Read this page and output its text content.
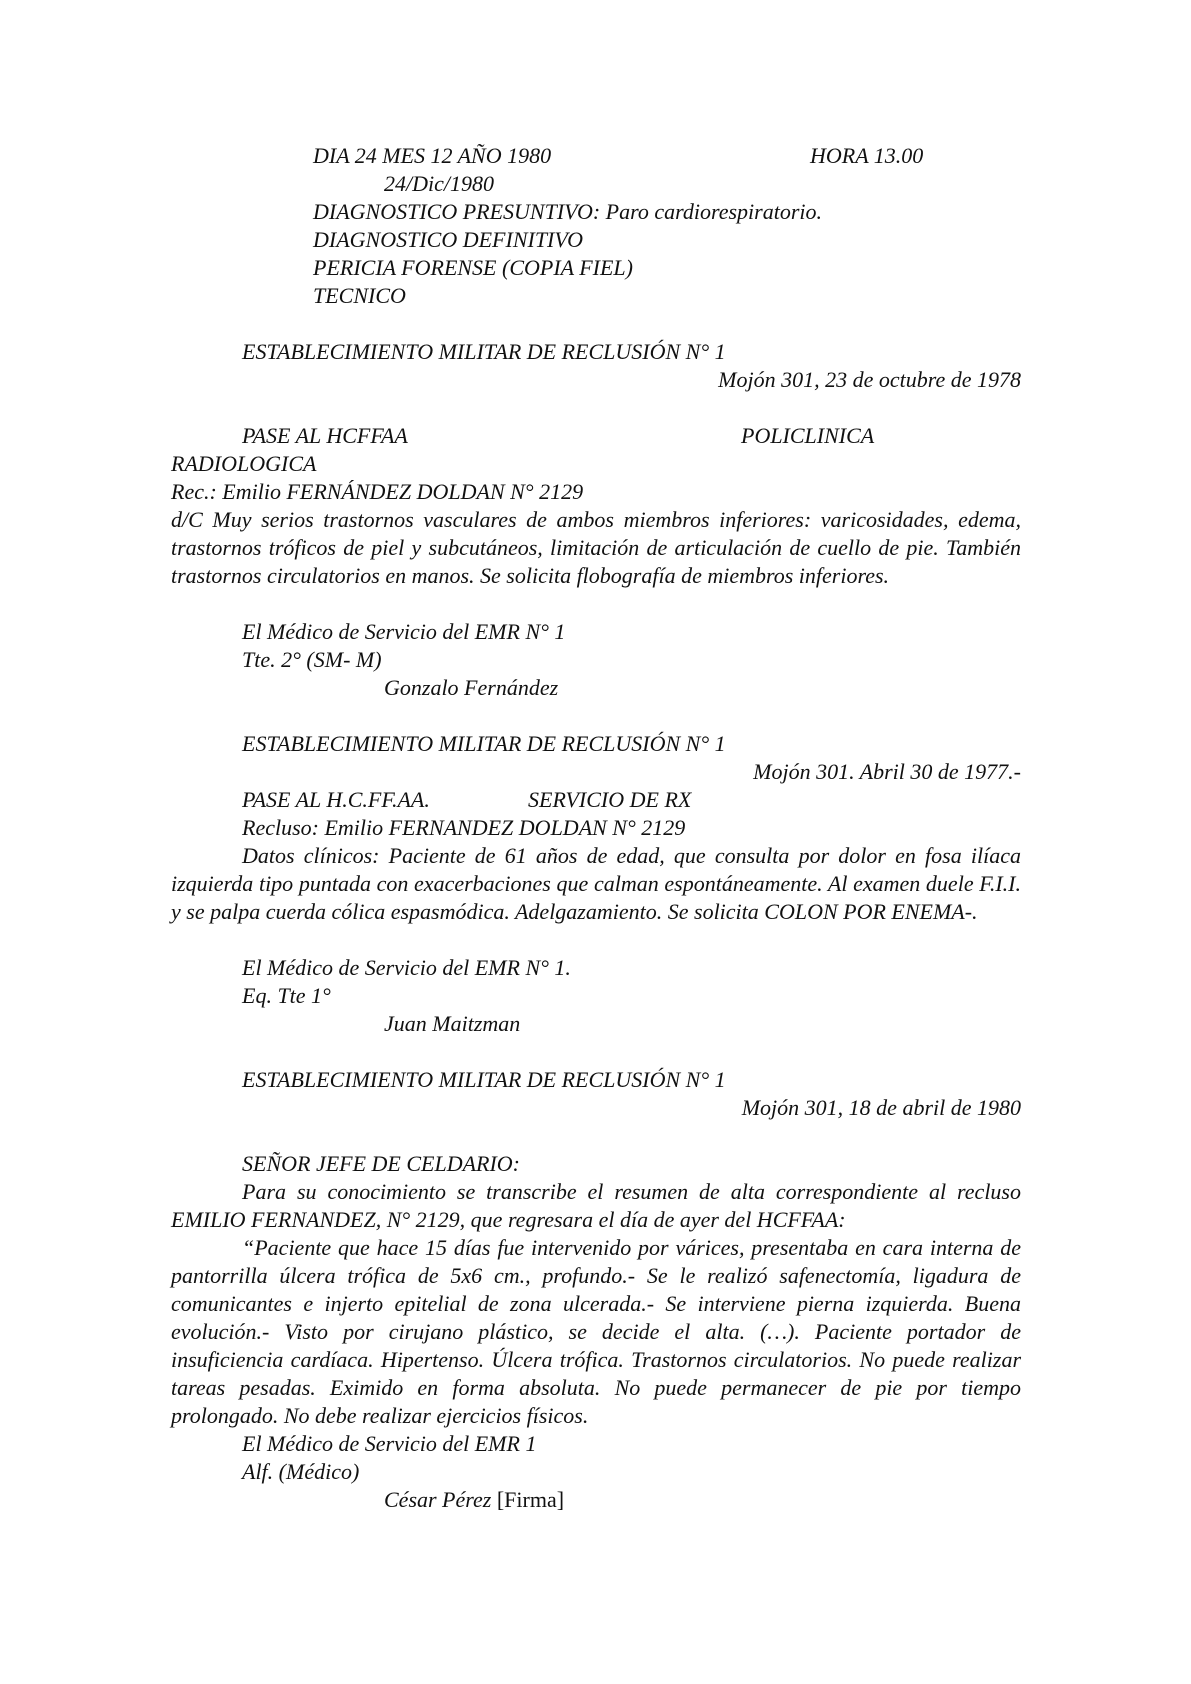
DIA 24 MES 12 AÑO 1980	HORA 13.00
24/Dic/1980
DIAGNOSTICO PRESUNTIVO: Paro cardiorespiratorio.
DIAGNOSTICO DEFINITIVO
PERICIA FORENSE (COPIA FIEL)
TECNICO
ESTABLECIMIENTO MILITAR DE RECLUSIÓN N° 1
Mojón 301, 23 de octubre de 1978
PASE AL HCFFAA	POLICLINICA
RADIOLOGICA
Rec.: Emilio FERNÁNDEZ DOLDAN N° 2129
d/C Muy serios trastornos vasculares de ambos miembros inferiores: varicosidades, edema, trastornos tróficos de piel y subcutáneos, limitación de articulación de cuello de pie. También trastornos circulatorios en manos. Se solicita flobografía de miembros inferiores.
El Médico de Servicio del EMR N° 1
Tte. 2° (SM- M)
Gonzalo Fernández
ESTABLECIMIENTO MILITAR DE RECLUSIÓN N° 1
Mojón 301. Abril 30 de 1977.-
PASE AL H.C.FF.AA.	SERVICIO DE RX
Recluso: Emilio FERNANDEZ DOLDAN N° 2129
Datos clínicos: Paciente de 61 años de edad, que consulta por dolor en fosa ilíaca izquierda tipo puntada con exacerbaciones que calman espontáneamente. Al examen duele F.I.I. y se palpa cuerda cólica espasmódica. Adelgazamiento. Se solicita COLON POR ENEMA-.
El Médico de Servicio del EMR N° 1.
Eq. Tte 1°
Juan Maitzman
ESTABLECIMIENTO MILITAR DE RECLUSIÓN N° 1
Mojón 301, 18 de abril de 1980
SEÑOR JEFE DE CELDARIO:
Para su conocimiento se transcribe el resumen de alta correspondiente al recluso EMILIO FERNANDEZ, N° 2129, que regresara el día de ayer del HCFFAA:
“Paciente que hace 15 días fue intervenido por várices, presentaba en cara interna de pantorrilla úlcera trófica de 5x6 cm., profundo.- Se le realizó safenectomía, ligadura de comunicantes e injerto epitelial de zona ulcerada.- Se interviene pierna izquierda. Buena evolución.- Visto por cirujano plástico, se decide el alta. (…). Paciente portador de insuficiencia cardíaca. Hipertenso. Úlcera trófica. Trastornos circulatorios. No puede realizar tareas pesadas. Eximido en forma absoluta. No puede permanecer de pie por tiempo prolongado. No debe realizar ejercicios físicos.
El Médico de Servicio del EMR 1
Alf. (Médico)
César Pérez [Firma]
